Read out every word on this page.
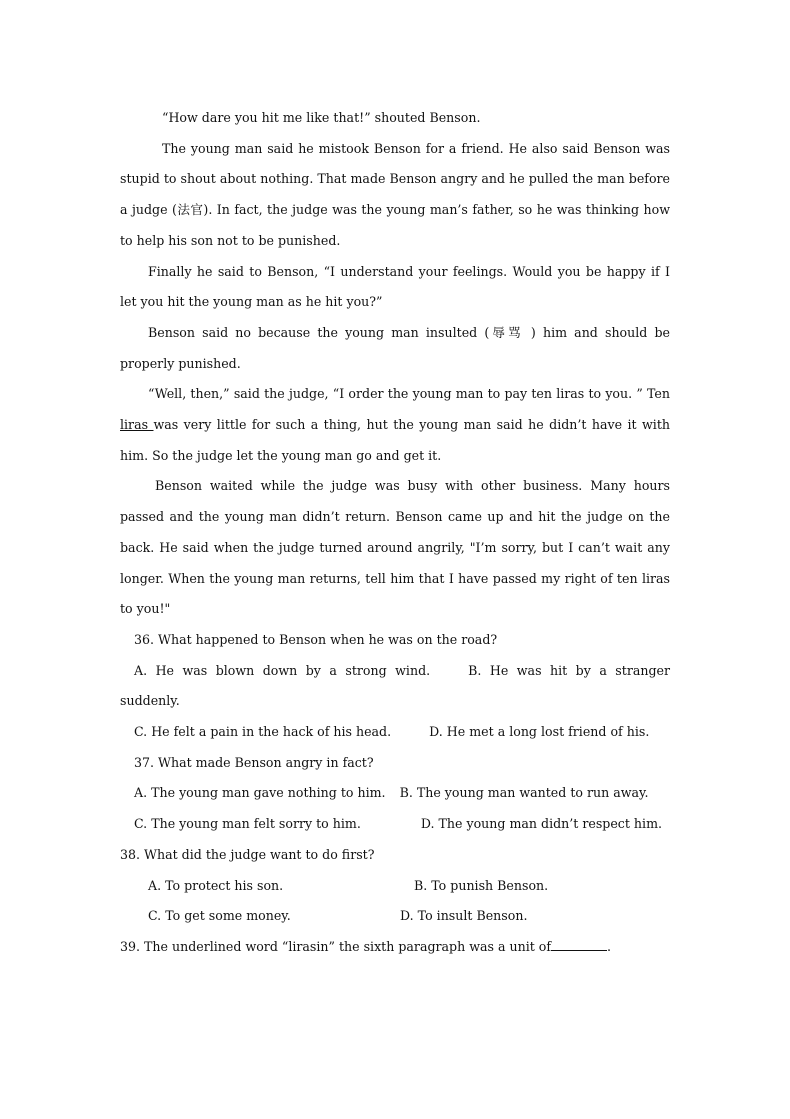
“How dare you hit me like that!” shouted Benson.

The young man said he mistook Benson for a friend. He also said Benson was stupid to shout about nothing. That made Benson angry and he pulled the man before a judge (法官). In fact, the judge was the young man’s father, so he was thinking how to help his son not to be punished.

Finally he said to Benson, “I understand your feelings. Would you be happy if I let you hit the young man as he hit you?”

Benson said no because the young man insulted (辱骂 ) him and should be properly punished.

“Well, then,” said the judge, “I order the young man to pay ten liras to you. ” Ten liras was very little for such a thing, hut the young man said he didn’t have it with him. So the judge let the young man go and get it.

Benson waited while the judge was busy with other business. Many hours passed and the young man didn’t return. Benson came up and hit the judge on the back. He said when the judge turned around angrily, "I’m sorry, but I can’t wait any longer. When the young man returns, tell him that I have passed my right of ten liras to you!"

36. What happened to Benson when he was on the road?

A. He was blown down by a strong wind.	B. He was hit by a stranger suddenly.

C. He felt a pain in the hack of his head.	D. He met a long lost friend of his.

37. What made Benson angry in fact?

A. The young man gave nothing to him. B. The young man wanted to run away.

C. The young man felt sorry to him.	D. The young man didn’t respect him.

38. What did the judge want to do first?

A. To protect his son.	B. To punish Benson.

C. To get some money.	D. To insult Benson.

39. The underlined word “lirasin” the sixth paragraph was a unit of	.
